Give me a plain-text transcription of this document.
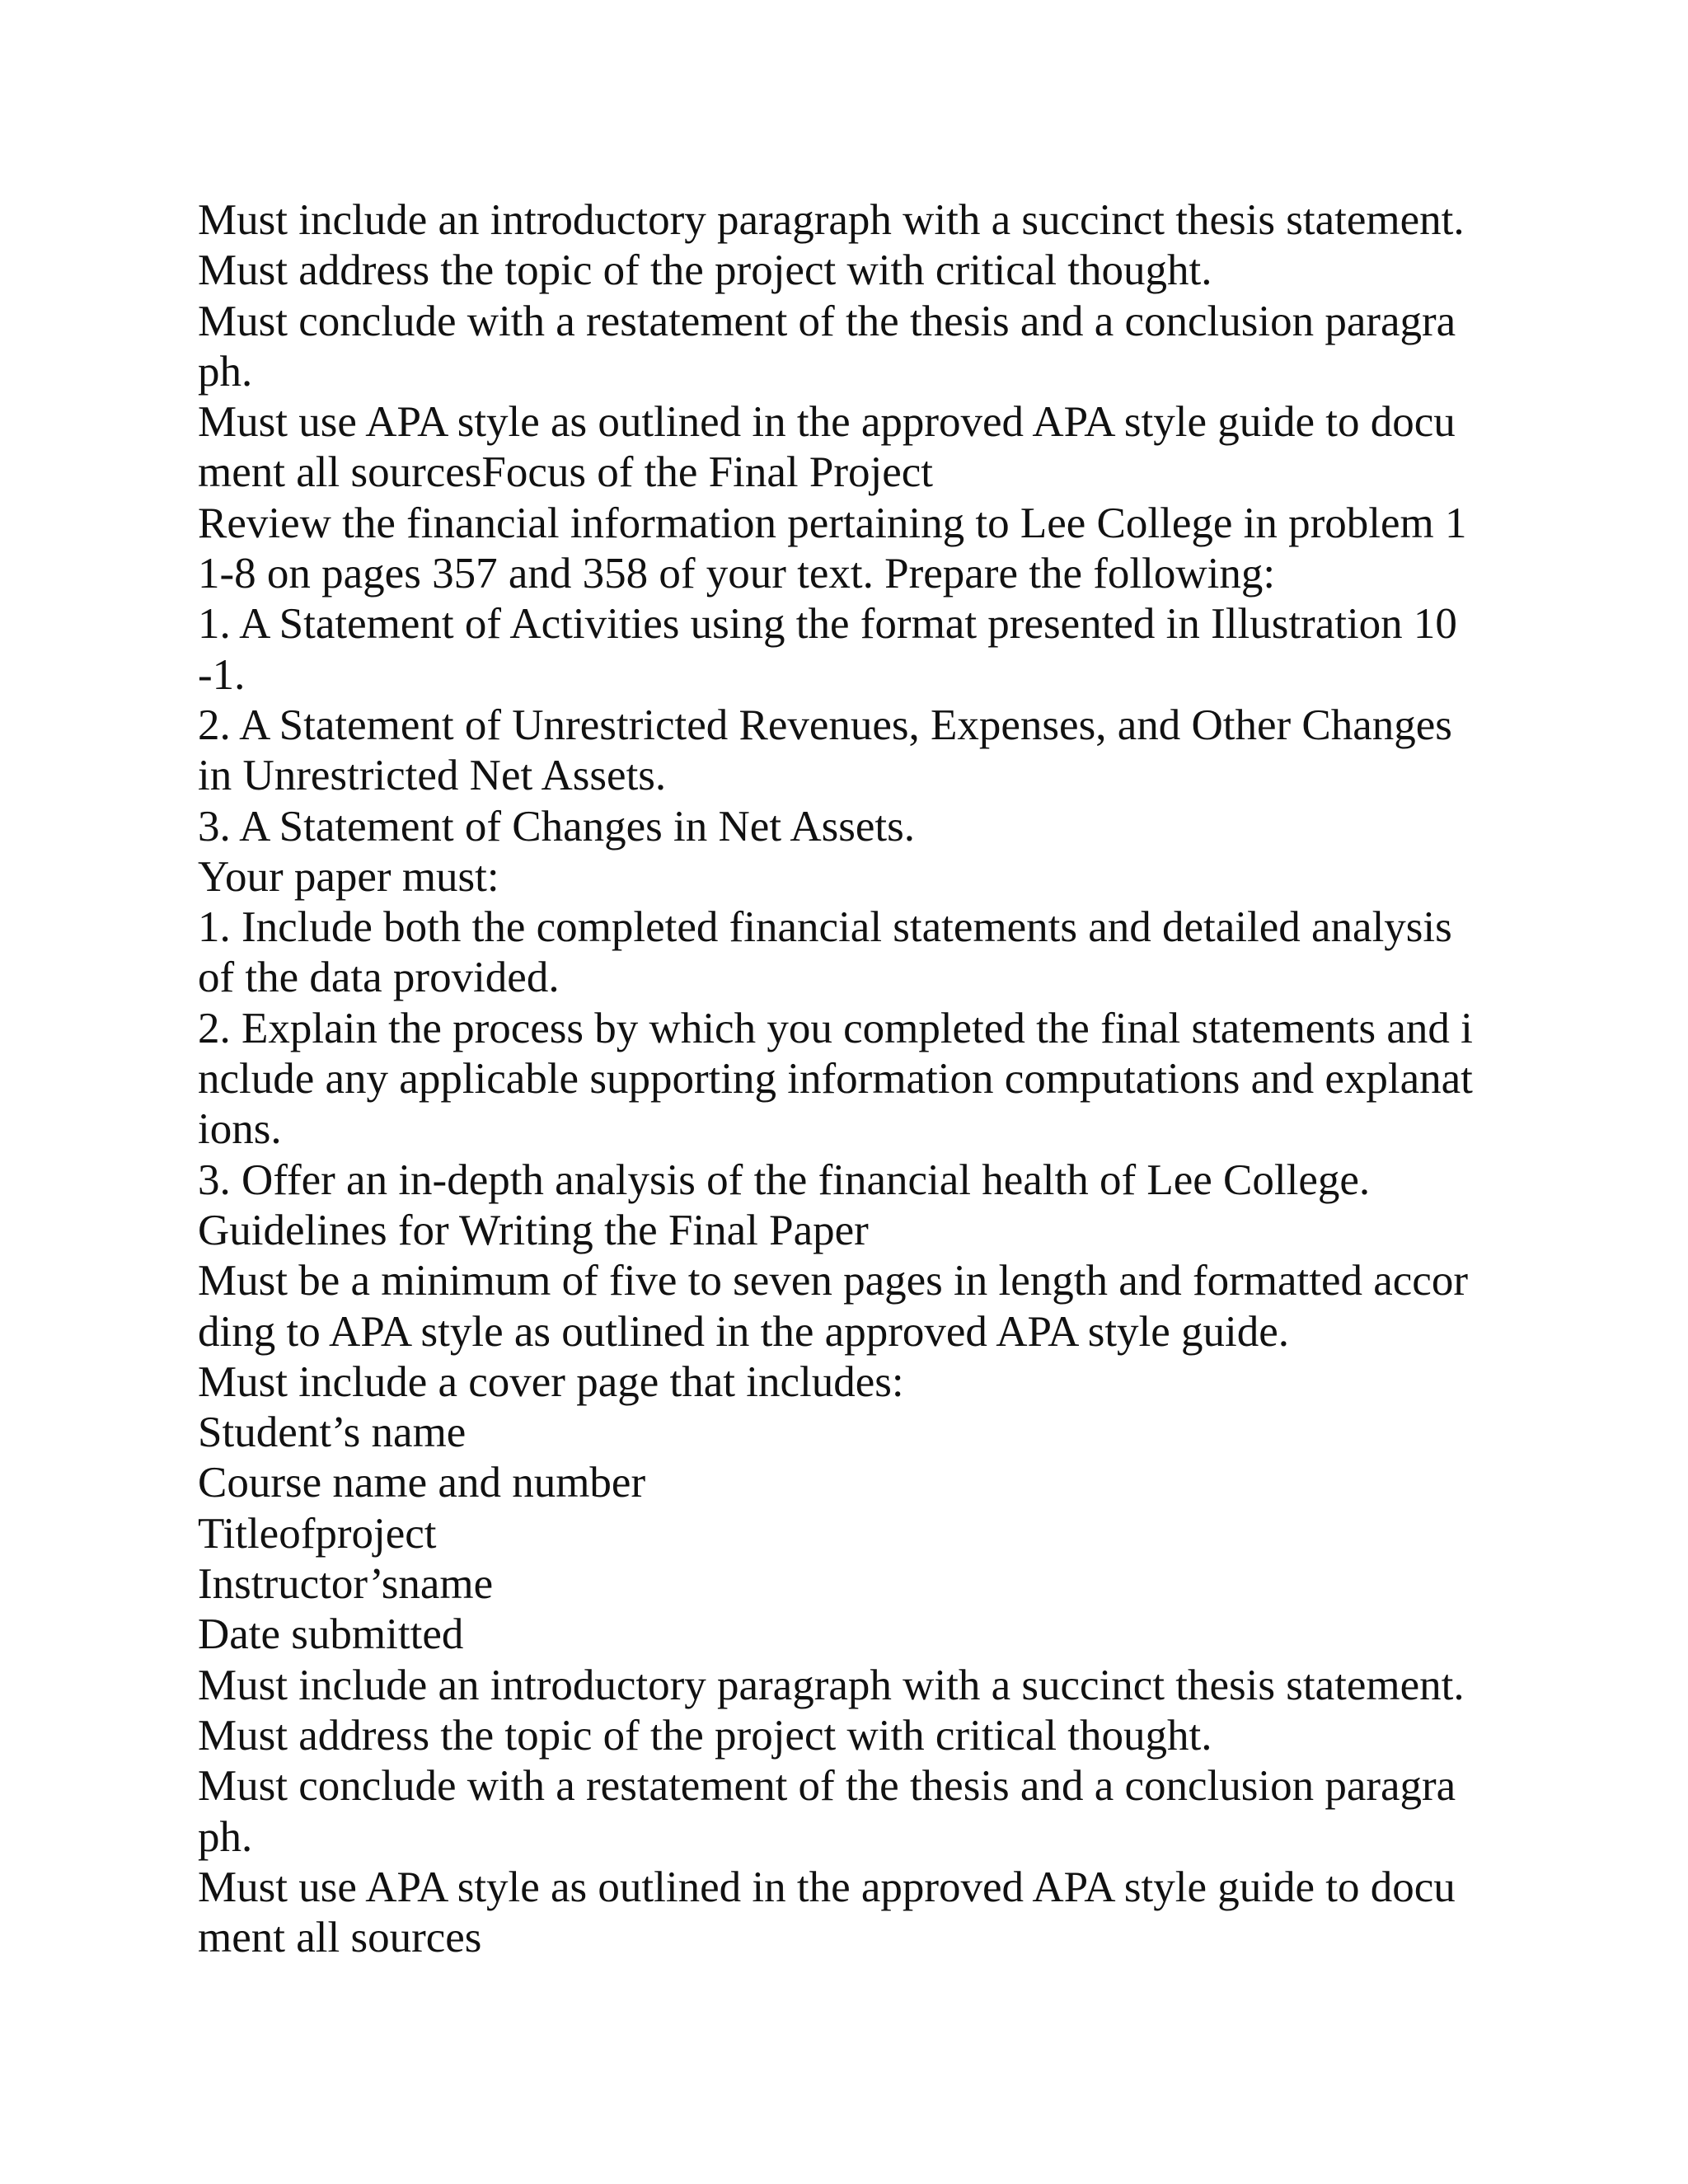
Must include an introductory paragraph with a succinct thesis statement.
Must address the topic of the project with critical thought.
Must conclude with a restatement of the thesis and a conclusion paragra
ph.
Must use APA style as outlined in the approved APA style guide to docu
ment all sourcesFocus of the Final Project
Review the financial information pertaining to Lee College in problem 1
1-8 on pages 357 and 358 of your text. Prepare the following:
1. A Statement of Activities using the format presented in Illustration 10
-1.
2. A Statement of Unrestricted Revenues, Expenses, and Other Changes
in Unrestricted Net Assets.
3. A Statement of Changes in Net Assets.
Your paper must:
1. Include both the completed financial statements and detailed analysis
of the data provided.
2. Explain the process by which you completed the final statements and i
nclude any applicable supporting information computations and explanat
ions.
3. Offer an in-depth analysis of the financial health of Lee College.
Guidelines for Writing the Final Paper
Must be a minimum of five to seven pages in length and formatted accor
ding to APA style as outlined in the approved APA style guide.
Must include a cover page that includes:
Student’s name
Course name and number
Titleofproject
Instructor’sname
Date submitted
Must include an introductory paragraph with a succinct thesis statement.
Must address the topic of the project with critical thought.
Must conclude with a restatement of the thesis and a conclusion paragra
ph.
Must use APA style as outlined in the approved APA style guide to docu
ment all sources
